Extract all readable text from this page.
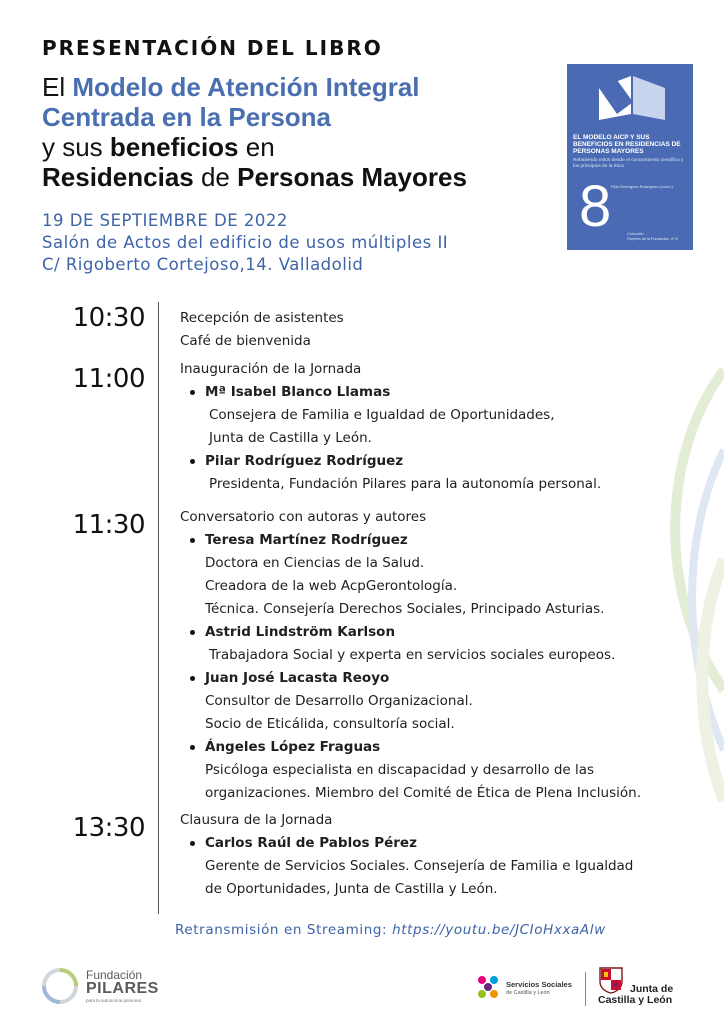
PRESENTACIÓN DEL LIBRO
El Modelo de Atención Integral
Centrada en la Persona
y sus beneficios en
Residencias de Personas Mayores
19 DE SEPTIEMBRE DE 2022
Salón de Actos del edificio de usos múltiples II
C/ Rigoberto Cortejoso,14. Valladolid
EL MODELO AICP Y SUS BENEFICIOS EN RESIDENCIAS DE PERSONAS MAYORES
Rebatiendo mitos desde el conocimiento científico y los principios de la ética
Pilar Rodríguez Rodríguez (coord.)
8	Colección
Papeles de la Fundación, nº 8
10:30	Recepción de asistentes
Café de bienvenida
11:00	Inauguración de la Jornada
Mª Isabel Blanco Llamas
Consejera de Familia e Igualdad de Oportunidades,
Junta de Castilla y León.
Pilar Rodríguez Rodríguez
Presidenta, Fundación Pilares para la autonomía personal.
11:30	Conversatorio con autoras y autores
Teresa Martínez Rodríguez
Doctora en Ciencias de la Salud.
Creadora de la web AcpGerontología.
Técnica. Consejería Derechos Sociales, Principado Asturias.
Astrid Lindström Karlson
Trabajadora Social y experta en servicios sociales europeos.
Juan José Lacasta Reoyo
Consultor de Desarrollo Organizacional.
Socio de Eticálida, consultoría social.
Ángeles López Fraguas
Psicóloga especialista en discapacidad y desarrollo de las
organizaciones. Miembro del Comité de Ética de Plena Inclusión.
13:30	Clausura de la Jornada
Carlos Raúl de Pablos Pérez
Gerente de Servicios Sociales. Consejería de Familia e Igualdad
de Oportunidades, Junta de Castilla y León.
Retransmisión en Streaming: https://youtu.be/JCIoHxxaAlw
Fundación
PILARES
para la autonomía personal
Servicios Sociales
de Castilla y León	Junta de
Castilla y León
